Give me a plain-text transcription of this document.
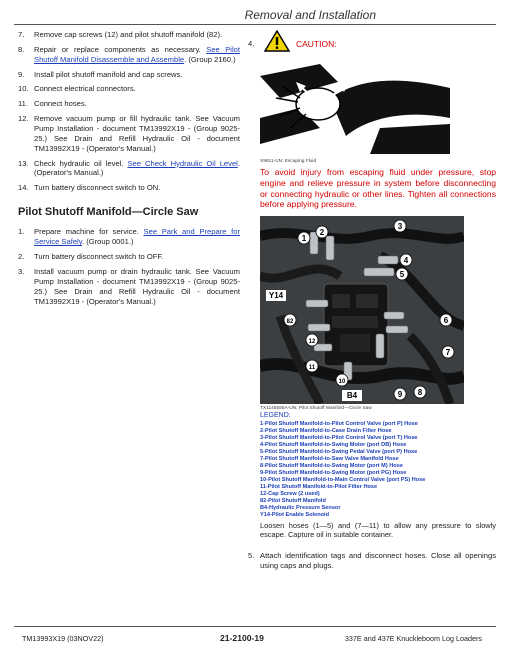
Removal and Installation
7.	Remove cap screws (12) and pilot shutoff manifold (82).
8.	Repair or replace components as necessary. See Pilot Shutoff Manifold Disassemble and Assemble. (Group 2160.)
9.	Install pilot shutoff manifold and cap screws.
10. Connect electrical connectors.
11. Connect hoses.
12. Remove vacuum pump or fill hydraulic tank. See Vacuum Pump Installation - document TM13992X19 - (Group 9025-25.) See Drain and Refill Hydraulic Oil - document TM13992X19 - (Operator's Manual.)
13. Check hydraulic oil level. See Check Hydraulic Oil Level. (Operator's Manual.)
14. Turn battery disconnect switch to ON.
Pilot Shutoff Manifold—Circle Saw
1.	Prepare machine for service. See Park and Prepare for Service Safely. (Group 0001.)
2.	Turn battery disconnect switch to OFF.
3.	Install vacuum pump or drain hydraulic tank. See Vacuum Pump Installation - document TM13992X19 - (Group 9025-25.) See Drain and Refill Hydraulic Oil - document TM13992X19 - (Operator's Manual.)
4.	CAUTION:
X9811-UN: Escaping Fluid
To avoid injury from escaping fluid under pressure, stop engine and relieve pressure in system before disconnecting or connecting hydraulic or other lines. Tighten all connections before applying pressure.
1
2
3
4
5
Y14
82
12
11
10
B4	9 8
7
6
TX1145590A-UN: Pilot Shutoff Manifold—Circle Saw
LEGEND:
1-Pilot Shutoff Manifold-to-Pilot Control Valve (port P) Hose
2-Pilot Shutoff Manifold-to-Case Drain Filter Hose
3-Pilot Shutoff Manifold-to-Pilot Control Valve (port T) Hose
4-Pilot Shutoff Manifold-to-Swing Motor (port DB) Hose
5-Pilot Shutoff Manifold-to-Swing Pedal Valve (port P) Hose
7-Pilot Shutoff Manifold-to-Saw Valve Manifold Hose
8-Pilot Shutoff Manifold-to-Swing Motor (port M) Hose
9-Pilot Shutoff Manifold-to-Swing Motor (port PG) Hose
10-Pilot Shutoff Manifold-to-Main Control Valve (port PS) Hose
11-Pilot Shutoff Manifold-to-Pilot Filter Hose
12-Cap Screw (2 used)
82-Pilot Shutoff Manifold
B4-Hydraulic Pressure Sensor
Y14-Pilot Enable Solenoid
Loosen hoses (1—5) and (7—11) to allow any pressure to slowly escape. Capture oil in suitable container.
5. Attach identification tags and disconnect hoses. Close all openings using caps and plugs.
TM13993X19 (03NOV22)	21-2100-19	337E and 437E Knuckleboom Log Loaders
